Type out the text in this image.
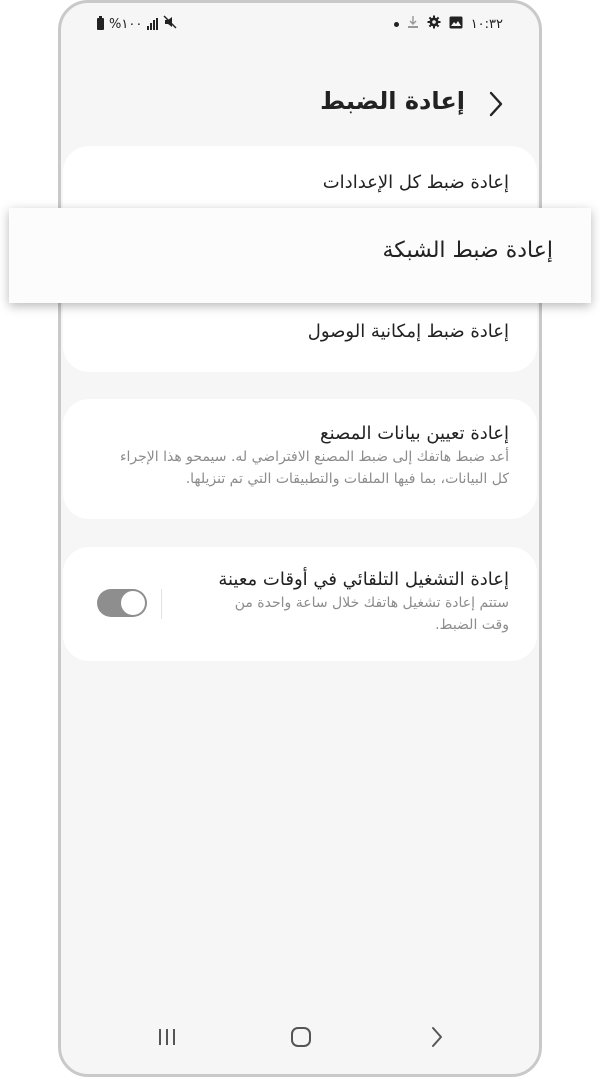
%١٠٠	١٠:٣٢
إعادة الضبط
إعادة ضبط كل الإعدادات
إعادة ضبط إمكانية الوصول
إعادة تعيين بيانات المصنع
أعد ضبط هاتفك إلى ضبط المصنع الافتراضي له. سيمحو هذا الإجراء
كل البيانات، بما فيها الملفات والتطبيقات التي تم تنزيلها.
إعادة التشغيل التلقائي في أوقات معينة
ستتم إعادة تشغيل هاتفك خلال ساعة واحدة من
وقت الضبط.
إعادة ضبط الشبكة
